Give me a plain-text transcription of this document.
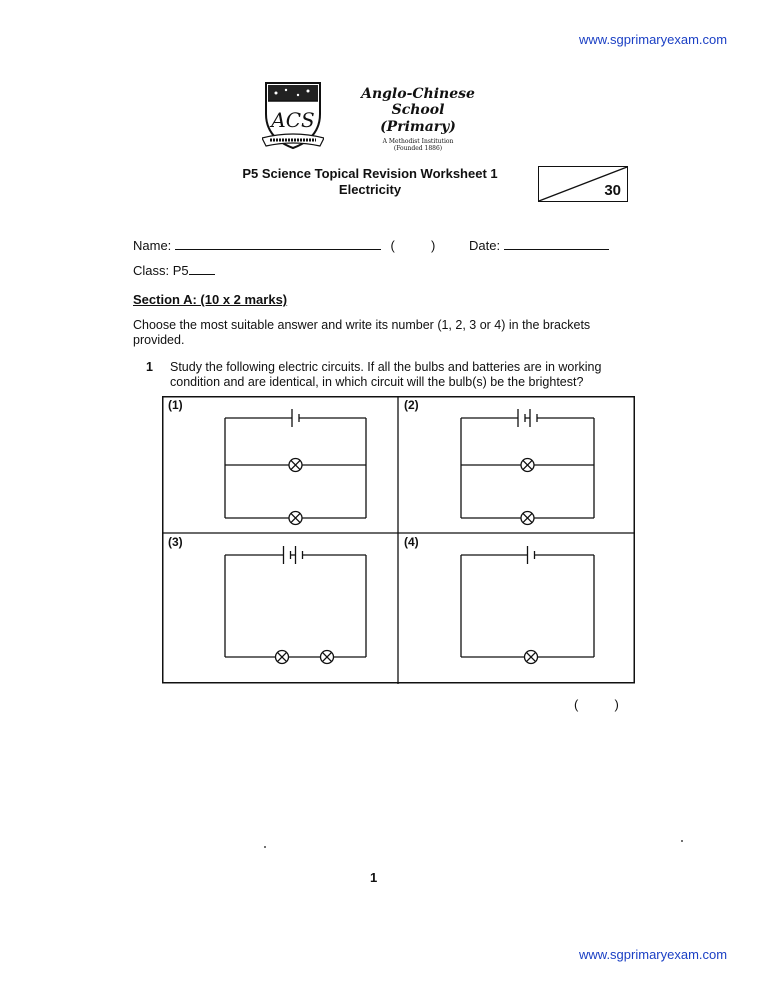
www.sgprimaryexam.com
ACS
Anglo-Chinese School
(Primary)
A Methodist Institution
(Founded 1886)
P5 Science Topical Revision Worksheet 1
Electricity	30
Name:	(          )	Date:
Class: P5
Section A: (10 x 2 marks)
Choose the most suitable answer and write its number (1, 2, 3 or 4) in the brackets provided.
1 Study the following electric circuits. If all the bulbs and batteries are in working condition and are identical, in which circuit will the bulb(s) be the brightest?
(1)	(2)
(3)	(4)
(          )
1
www.sgprimaryexam.com
